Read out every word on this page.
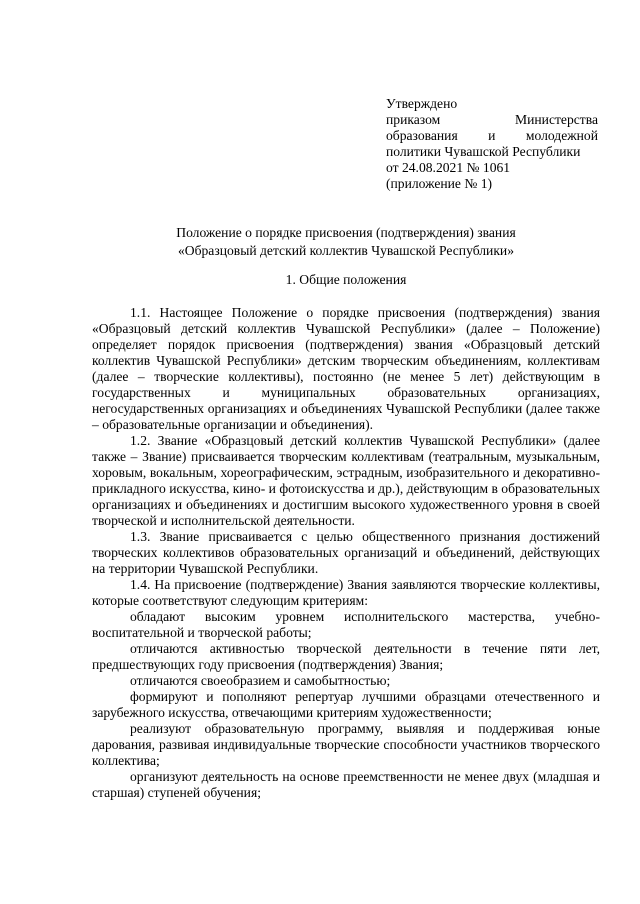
Утверждено
приказом Министерства
образования и молодежной
политики Чувашской Республики
от 24.08.2021 № 1061
(приложение № 1)
Положение о порядке присвоения (подтверждения) звания
«Образцовый детский коллектив Чувашской Республики»
1. Общие положения

1.1. Настоящее Положение о порядке присвоения (подтверждения) звания «Образцовый детский коллектив Чувашской Республики» (далее – Положение) определяет порядок присвоения (подтверждения) звания «Образцовый детский коллектив Чувашской Республики» детским творческим объединениям, коллективам (далее – творческие коллективы), постоянно (не менее 5 лет) действующим в государственных и муниципальных образовательных организациях, негосударственных организациях и объединениях Чувашской Республики (далее также – образовательные организации и объединения).

1.2. Звание «Образцовый детский коллектив Чувашской Республики» (далее также – Звание) присваивается творческим коллективам (театральным, музыкальным, хоровым, вокальным, хореографическим, эстрадным, изобразительного и декоративно-прикладного искусства, кино- и фотоискусства и др.), действующим в образовательных организациях и объединениях и достигшим высокого художественного уровня в своей творческой и исполнительской деятельности.

1.3. Звание присваивается с целью общественного признания достижений творческих коллективов образовательных организаций и объединений, действующих на территории Чувашской Республики.

1.4. На присвоение (подтверждение) Звания заявляются творческие коллективы, которые соответствуют следующим критериям:

обладают высоким уровнем исполнительского мастерства, учебно-воспитательной и творческой работы;

отличаются активностью творческой деятельности в течение пяти лет, предшествующих году присвоения (подтверждения) Звания;

отличаются своеобразием и самобытностью;

формируют и пополняют репертуар лучшими образцами отечественного и зарубежного искусства, отвечающими критериям художественности;

реализуют образовательную программу, выявляя и поддерживая юные дарования, развивая индивидуальные творческие способности участников творческого коллектива;

организуют деятельность на основе преемственности не менее двух (младшая и старшая) ступеней обучения;
